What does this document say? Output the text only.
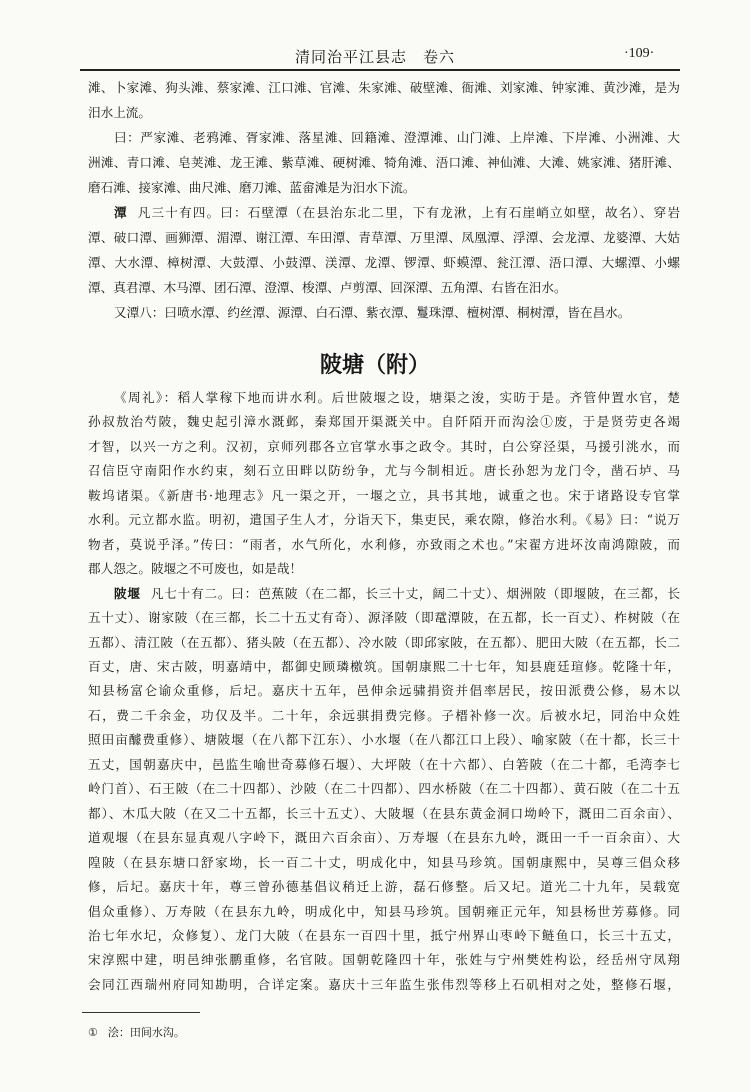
清同治平江县志　卷六	·109·
滩、卜家滩、狗头滩、蔡家滩、江口滩、官滩、朱家滩、破壁滩、衙滩、刘家滩、钟家滩、黄沙滩，是为
汨水上流。
曰：严家滩、老鸦滩、胥家滩、落星滩、回籍滩、澄潭滩、山门滩、上岸滩、下岸滩、小洲滩、大
洲滩、青口滩、皂荚滩、龙王滩、紫草滩、硬树滩、犄角滩、浯口滩、神仙滩、大滩、姚家滩、猪肝滩、
磨石滩、接家滩、曲尺滩、磨刀滩、蓝畲滩是为汨水下流。
潭 凡三十有四。曰：石壁潭（在县治东北二里，下有龙湫，上有石崖峭立如壁，故名）、穿岩
潭、破口潭、画狮潭、湄潭、谢江潭、车田潭、青草潭、万里潭、凤凰潭、浮潭、会龙潭、龙婆潭、大姑
潭、大水潭、樟树潭、大鼓潭、小鼓潭、渼潭、龙潭、锣潭、虾蟆潭、瓮江潭、浯口潭、大螺潭、小螺
潭、真君潭、木马潭、团石潭、澄潭、梭潭、卢剪潭、回深潭、五角潭、右皆在汨水。
又潭八：曰喷水潭、约丝潭、源潭、白石潭、紫衣潭、鬘珠潭、檀树潭、桐树潭，皆在昌水。
陂塘（附）
《周礼》：稻人掌稼下地而讲水利。后世陂堰之设，塘渠之浚，实昉于是。齐管仲置水官，楚
孙叔敖治芍陂，魏史起引漳水溉邺，秦郑国开渠溉关中。自阡陌开而沟浍①废，于是贤劳吏各竭
才智，以兴一方之利。汉初，京师列郡各立官掌水事之政令。其时，白公穿泾渠，马援引洮水，而
召信臣守南阳作水约束，刻石立田畔以防纷争，尤与今制相近。唐长孙恕为龙门令，凿石垆、马
鞍坞诸渠。《新唐书·地理志》凡一渠之开，一堰之立，具书其地，诚重之也。宋于诸路设专官掌
水利。元立都水监。明初，遣国子生人才，分诣天下，集吏民，乘农隙，修治水利。《易》曰：“说万
物者，莫说乎泽。”传曰：“雨者，水气所化，水利修，亦致雨之术也。”宋翟方进坏汝南鸿隙陂，而
郡人怨之。陂堰之不可废也，如是哉！
陂堰 凡七十有二。曰：芭蕉陂（在二都，长三十丈，阔二十丈）、烟洲陂（即堰陂，在三都，长
五十丈）、谢家陂（在三都，长二十五丈有奇）、源泽陂（即鼋潭陂，在五都，长一百丈）、柞树陂（在
五都）、清江陂（在五都）、猪头陂（在五都）、冷水陂（即邱家陂，在五都）、肥田大陂（在五都，长二
百丈，唐、宋古陂，明嘉靖中，都御史顾璘檄筑。国朝康熙二十七年，知县鹿廷瑄修。乾隆十年，
知县杨富仑谕众重修，后圮。嘉庆十五年，邑伸余远骕捐资并倡率居民，按田派费公修，易木以
石，费二千余金，功仅及半。二十年，余远骐捐费完修。子榗补修一次。后被水圮，同治中众姓
照田亩醵费重修）、塘陂堰（在八都下江东）、小水堰（在八都江口上段）、喻家陂（在十都，长三十
五丈，国朝嘉庆中，邑监生喻世奇募修石堰）、大坪陂（在十六都）、白箬陂（在二十都，毛湾李七
岭门首）、石王陂（在二十四都）、沙陂（在二十四都）、四水桥陂（在二十四都）、黄石陂（在二十五
都）、木瓜大陂（在又二十五都，长三十五丈）、大陂堰（在县东黄金洞口坳岭下，溉田二百余亩）、
道观堰（在县东显真观八字岭下，溉田六百余亩）、万寿堰（在县东九岭，溉田一千一百余亩）、大
隍陂（在县东塘口舒家坳，长一百二十丈，明成化中，知县马珍筑。国朝康熙中，吴尊三倡众移
修，后圮。嘉庆十年，尊三曾孙德基倡议稍迁上游，磊石修整。后又圮。道光二十九年，吴载宽
倡众重修）、万寿陂（在县东九岭，明成化中，知县马珍筑。国朝雍正元年，知县杨世芳募修。同
治七年水圮，众修复）、龙门大陂（在县东一百四十里，抵宁州界山枣岭下鲢鱼口，长三十五丈，
宋淳熙中建，明邑绅张鹏重修，名官陂。国朝乾隆四十年，张姓与宁州樊姓构讼，经岳州守凤翔
会同江西瑞州府同知勘明，合详定案。嘉庆十三年监生张伟烈等移上石矶相对之处，整修石堰，
① 浍：田间水沟。
